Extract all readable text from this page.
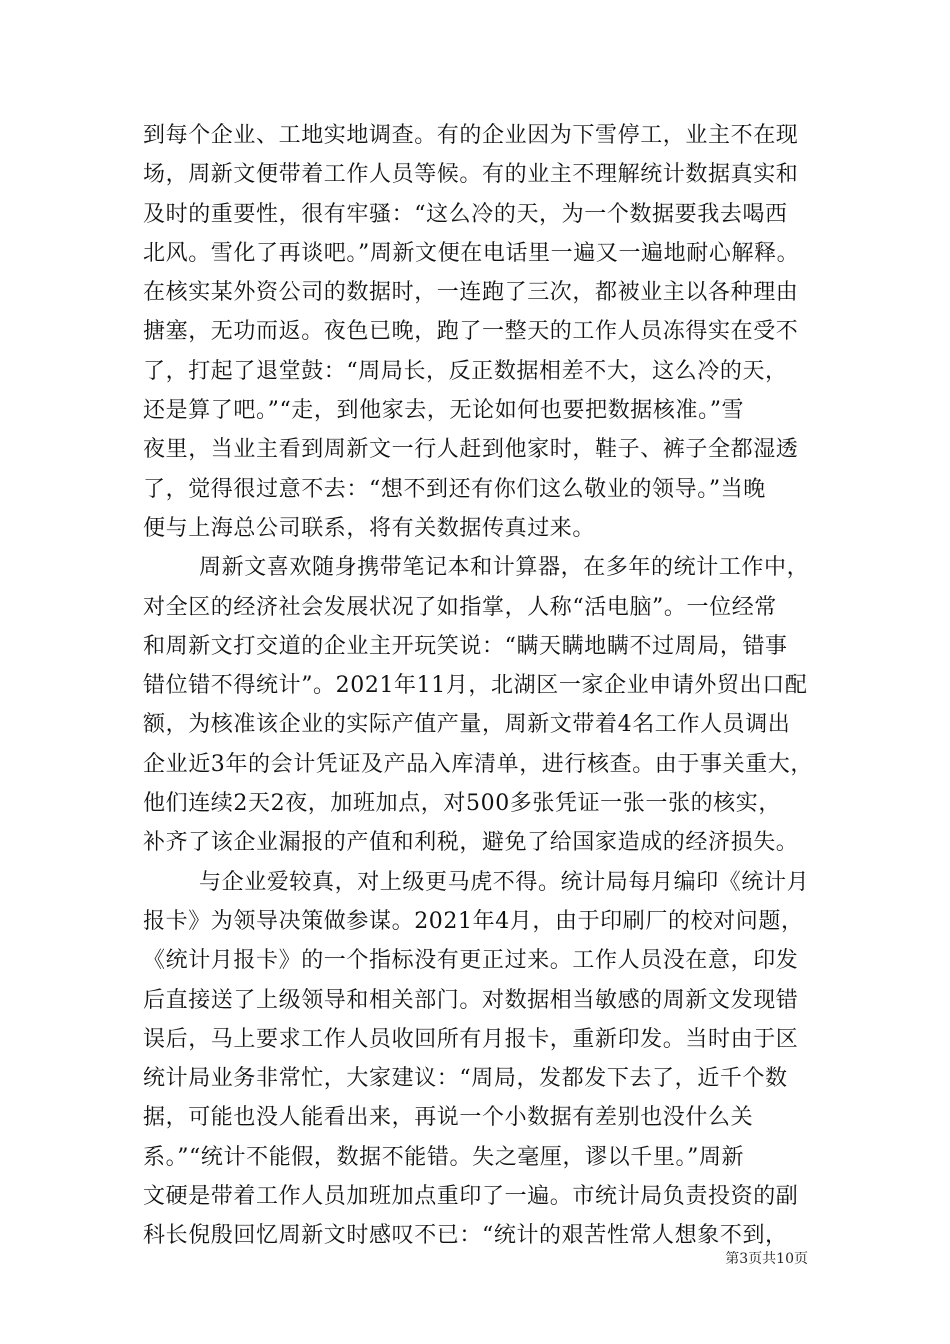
到每个企业、工地实地调查。有的企业因为下雪停工，业主不在现
场，周新文便带着工作人员等候。有的业主不理解统计数据真实和
及时的重要性，很有牢骚：“这么冷的天，为一个数据要我去喝西
北风。雪化了再谈吧。”周新文便在电话里一遍又一遍地耐心解释。
在核实某外资公司的数据时，一连跑了三次，都被业主以各种理由
搪塞，无功而返。夜色已晚，跑了一整天的工作人员冻得实在受不
了，打起了退堂鼓：“周局长，反正数据相差不大，这么冷的天，
还是算了吧。”“走，到他家去，无论如何也要把数据核准。”雪
夜里，当业主看到周新文一行人赶到他家时，鞋子、裤子全都湿透
了，觉得很过意不去：“想不到还有你们这么敬业的领导。”当晚
便与上海总公司联系，将有关数据传真过来。
周新文喜欢随身携带笔记本和计算器，在多年的统计工作中，
对全区的经济社会发展状况了如指掌，人称“活电脑”。一位经常
和周新文打交道的企业主开玩笑说：“瞒天瞒地瞒不过周局，错事
错位错不得统计”。2021年11月，北湖区一家企业申请外贸出口配
额，为核准该企业的实际产值产量，周新文带着4名工作人员调出
企业近3年的会计凭证及产品入库清单，进行核查。由于事关重大，
他们连续2天2夜，加班加点，对500多张凭证一张一张的核实，
补齐了该企业漏报的产值和利税，避免了给国家造成的经济损失。
与企业爱较真，对上级更马虎不得。统计局每月编印《统计月
报卡》为领导决策做参谋。2021年4月，由于印刷厂的校对问题，
《统计月报卡》的一个指标没有更正过来。工作人员没在意，印发
后直接送了上级领导和相关部门。对数据相当敏感的周新文发现错
误后，马上要求工作人员收回所有月报卡，重新印发。当时由于区
统计局业务非常忙，大家建议：“周局，发都发下去了，近千个数
据，可能也没人能看出来，再说一个小数据有差别也没什么关
系。”“统计不能假，数据不能错。失之毫厘，谬以千里。”周新
文硬是带着工作人员加班加点重印了一遍。市统计局负责投资的副
科长倪殷回忆周新文时感叹不已：“统计的艰苦性常人想象不到，
第3页共10页
